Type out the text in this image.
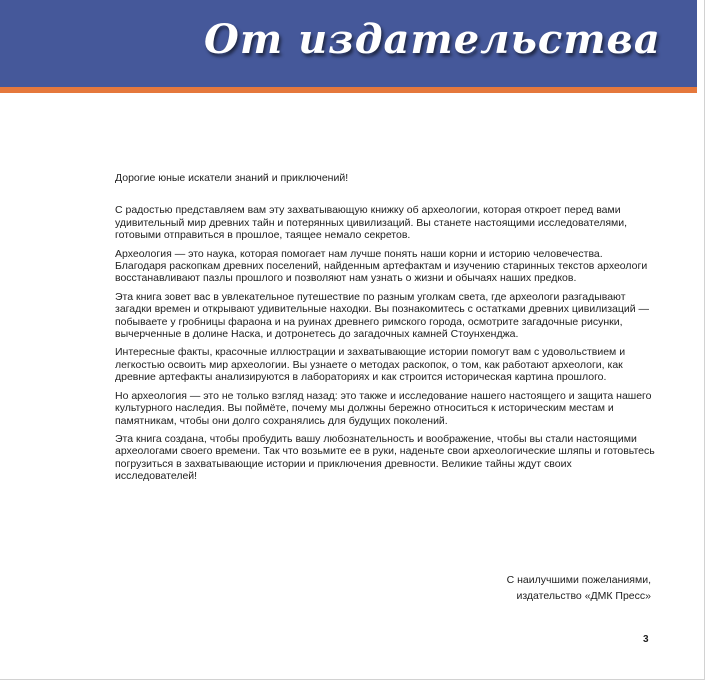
От издательства

Дорогие юные искатели знаний и приключений!

С радостью представляем вам эту захватывающую книжку об археологии, которая откроет перед вами удивительный мир древних тайн и потерянных цивилизаций. Вы станете настоящими исследователями, готовыми отправиться в прошлое, таящее немало секретов.

Археология — это наука, которая помогает нам лучше понять наши корни и историю человечества. Благодаря раскопкам древних поселений, найденным артефактам и изучению старинных текстов археологи восстанавливают пазлы прошлого и позволяют нам узнать о жизни и обычаях наших предков.

Эта книга зовет вас в увлекательное путешествие по разным уголкам света, где археологи разгадывают загадки времен и открывают удивительные находки. Вы познакомитесь с остатками древних цивилизаций — побываете у гробницы фараона и на руинах древнего римского города, осмотрите загадочные рисунки, вычерченные в долине Наска, и дотронетесь до загадочных камней Стоунхенджа.

Интересные факты, красочные иллюстрации и захватывающие истории помогут вам с удовольствием и легкостью освоить мир археологии. Вы узнаете о методах раскопок, о том, как работают археологи, как древние артефакты анализируются в лабораториях и как строится историческая картина прошлого.

Но археология — это не только взгляд назад: это также и исследование нашего настоящего и защита нашего культурного наследия. Вы поймёте, почему мы должны бережно относиться к историческим местам и памятникам, чтобы они долго сохранялись для будущих поколений.

Эта книга создана, чтобы пробудить вашу любознательность и воображение, чтобы вы стали настоящими археологами своего времени. Так что возьмите ее в руки, наденьте свои археологические шляпы и готовьтесь погрузиться в захватывающие истории и приключения древности. Великие тайны ждут своих исследователей!

С наилучшими пожеланиями,
издательство «ДМК Пресс»
3
